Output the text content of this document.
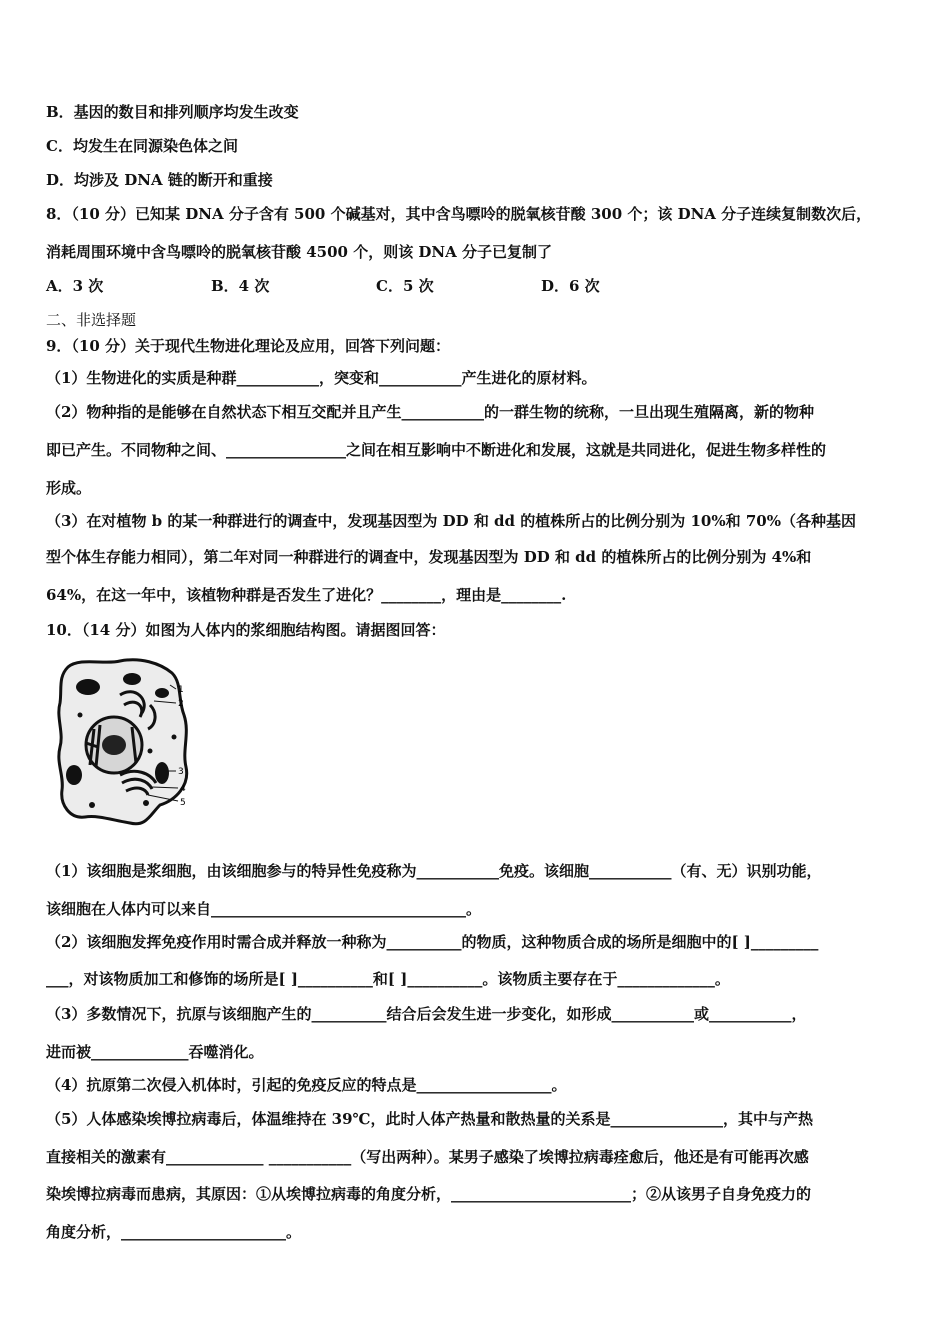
B．基因的数目和排列顺序均发生改变
C．均发生在同源染色体之间
D．均涉及 DNA 链的断开和重接
8．（10 分）已知某 DNA 分子含有 500 个碱基对，其中含鸟嘌呤的脱氧核苷酸 300 个；该 DNA 分子连续复制数次后，
消耗周围环境中含鸟嘌呤的脱氧核苷酸 4500 个，则该 DNA 分子已复制了
A．3 次	B．4 次	C．5 次	D．6 次
二、非选择题
9．（10 分）关于现代生物进化理论及应用，回答下列问题：
（1）生物进化的实质是种群___________，突变和___________产生进化的原材料。
（2）物种指的是能够在自然状态下相互交配并且产生___________的一群生物的统称，一旦出现生殖隔离，新的物种
即已产生。不同物种之间、________________之间在相互影响中不断进化和发展，这就是共同进化，促进生物多样性的
形成。
（3）在对植物 b 的某一种群进行的调查中，发现基因型为 DD 和 dd 的植株所占的比例分别为 10%和 70%（各种基因
型个体生存能力相同），第二年对同一种群进行的调查中，发现基因型为 DD 和 dd 的植株所占的比例分别为 4%和
64%，在这一年中，该植物种群是否发生了进化？________，理由是________.
10．（14 分）如图为人体内的浆细胞结构图。请据图回答：
1
2
3
4
5
（1）该细胞是浆细胞，由该细胞参与的特异性免疫称为___________免疫。该细胞___________（有、无）识别功能，
该细胞在人体内可以来自__________________________________。
（2）该细胞发挥免疫作用时需合成并释放一种称为__________的物质，这种物质合成的场所是细胞中的[ ]_________
___，对该物质加工和修饰的场所是[ ]__________和[ ]__________。该物质主要存在于_____________。
（3）多数情况下，抗原与该细胞产生的__________结合后会发生进一步变化，如形成___________或___________，
进而被_____________吞噬消化。
（4）抗原第二次侵入机体时，引起的免疫反应的特点是__________________。
（5）人体感染埃博拉病毒后，体温维持在 39℃，此时人体产热量和散热量的关系是_______________，其中与产热
直接相关的激素有_____________ ___________（写出两种）。某男子感染了埃博拉病毒痊愈后，他还是有可能再次感
染埃博拉病毒而患病，其原因：①从埃博拉病毒的角度分析，________________________；②从该男子自身免疫力的
角度分析，______________________。
